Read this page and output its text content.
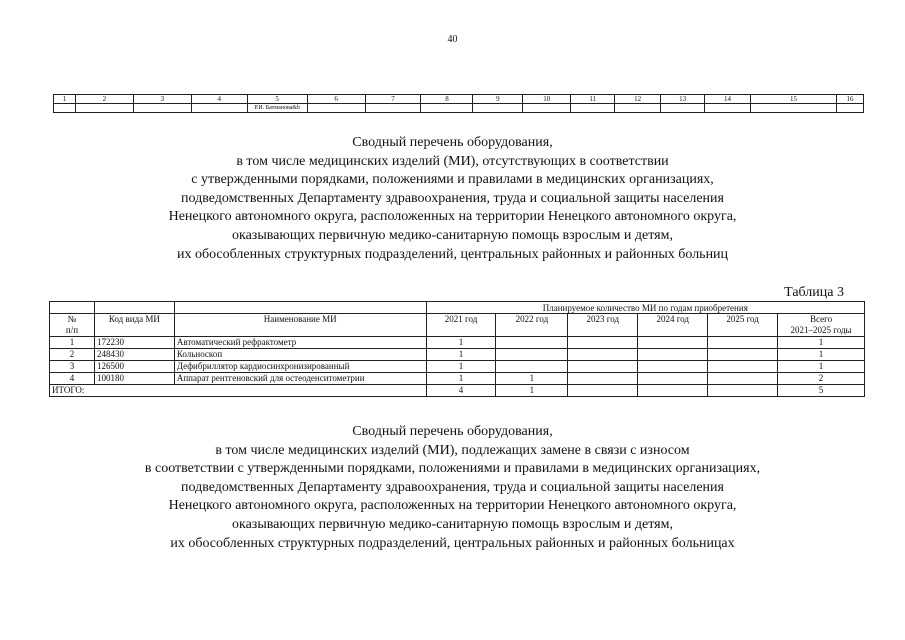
40
1	2	3	4	5	6	7	8	9	10	11	12	13	14	15	16
				Р.И. Батманова&b											
Сводный перечень оборудования,
в том числе медицинских изделий (МИ), отсутствующих в соответствии
с утвержденными порядками, положениями и правилами в медицинских организациях,
подведомственных Департаменту здравоохранения, труда и социальной защиты населения
Ненецкого автономного округа, расположенных на территории Ненецкого автономного округа,
оказывающих первичную медико-санитарную помощь взрослым и детям,
их обособленных структурных подразделений, центральных районных и районных больниц
Таблица 3
			Планируемое количество МИ по годам приобретения					

№
п/п	Код вида МИ	Наименование МИ	2021 год	2022 год	2023 год	2024 год	2025 год	Всего
2021–2025 годы

1	172230	Автоматический рефрактометр	1					1
2	248430	Кольноскоп	1					1
3	126500	Дефибриллятор кардиосинхронизированный	1					1
4	100180	Аппарат рентгеновский для остеоденситометрии	1	1				2
ИТОГО:			4	1				5
Сводный перечень оборудования,
в том числе медицинских изделий (МИ), подлежащих замене в связи с износом
в соответствии с утвержденными порядками, положениями и правилами в медицинских организациях,
подведомственных Департаменту здравоохранения, труда и социальной защиты населения
Ненецкого автономного округа, расположенных на территории Ненецкого автономного округа,
оказывающих первичную медико-санитарную помощь взрослым и детям,
их обособленных структурных подразделений, центральных районных и районных больницах
